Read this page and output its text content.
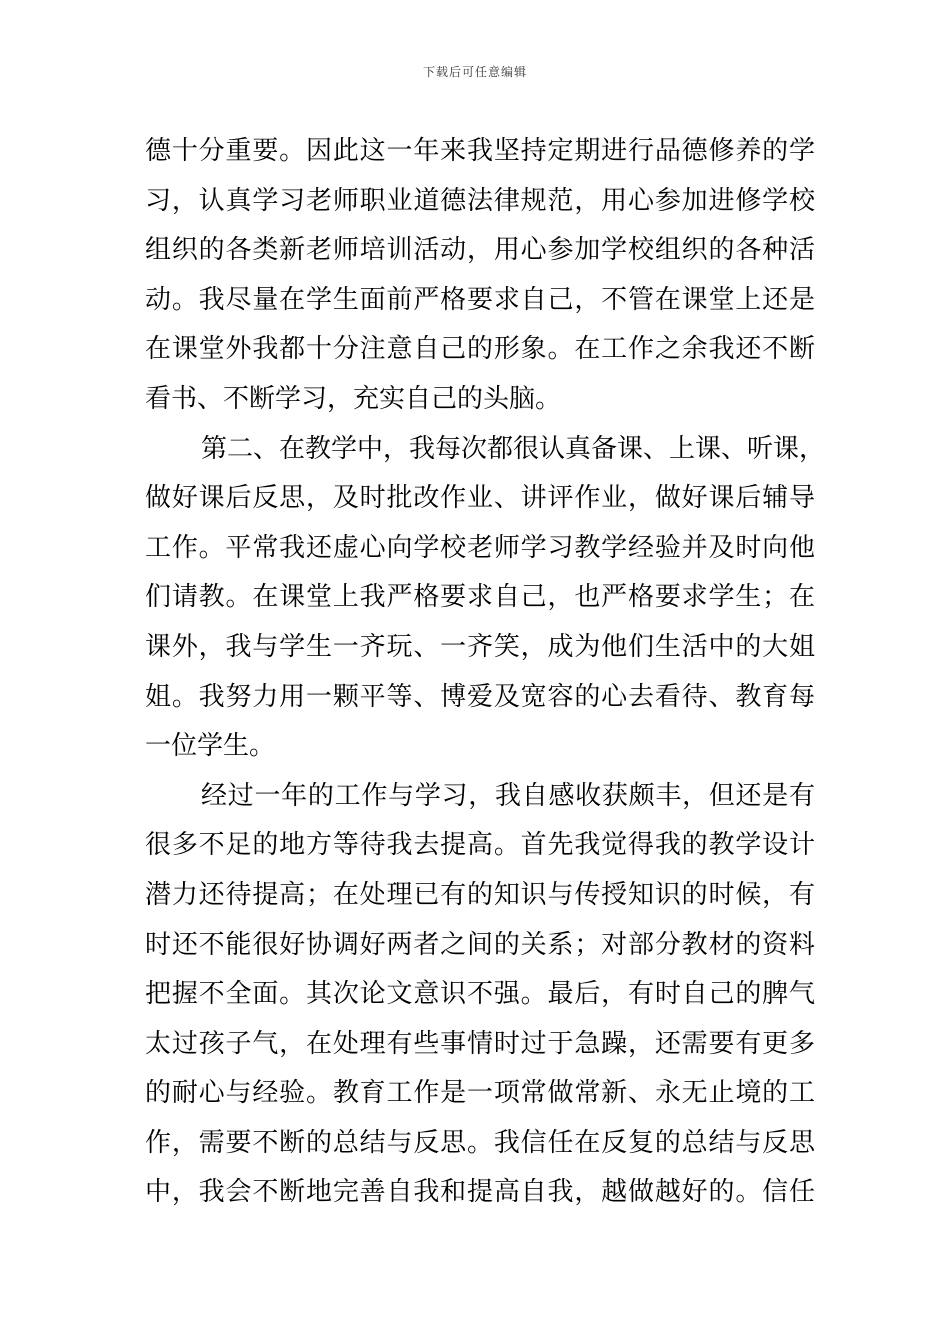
下载后可任意编辑
德十分重要。因此这一年来我坚持定期进行品德修养的学
习，认真学习老师职业道德法律规范，用心参加进修学校
组织的各类新老师培训活动，用心参加学校组织的各种活
动。我尽量在学生面前严格要求自己，不管在课堂上还是
在课堂外我都十分注意自己的形象。在工作之余我还不断
看书、不断学习，充实自己的头脑。
第二、在教学中，我每次都很认真备课、上课、听课，
做好课后反思，及时批改作业、讲评作业，做好课后辅导
工作。平常我还虚心向学校老师学习教学经验并及时向他
们请教。在课堂上我严格要求自己，也严格要求学生；在
课外，我与学生一齐玩、一齐笑，成为他们生活中的大姐
姐。我努力用一颗平等、博爱及宽容的心去看待、教育每
一位学生。
经过一年的工作与学习，我自感收获颇丰，但还是有
很多不足的地方等待我去提高。首先我觉得我的教学设计
潜力还待提高；在处理已有的知识与传授知识的时候，有
时还不能很好协调好两者之间的关系；对部分教材的资料
把握不全面。其次论文意识不强。最后，有时自己的脾气
太过孩子气，在处理有些事情时过于急躁，还需要有更多
的耐心与经验。教育工作是一项常做常新、永无止境的工
作，需要不断的总结与反思。我信任在反复的总结与反思
中，我会不断地完善自我和提高自我，越做越好的。信任
